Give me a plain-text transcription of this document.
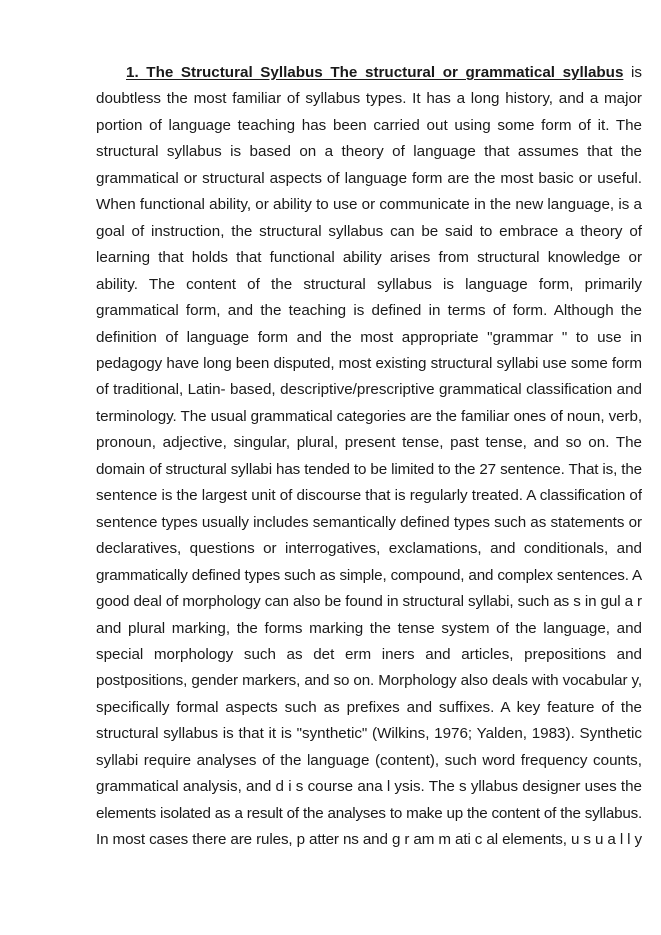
1. The Structural Syllabus The structural or grammatical syllabus is
doubtless the most familiar of syllabus types. It has a long history, and a major
portion of language teaching has been carried out using some form of it. The
structural syllabus is based on a theory of language that assumes that the
grammatical or structural aspects of language form are the most basic or useful.
When functional ability, or ability to use or communicate in the new language, is a
goal of instruction, the structural syllabus can be said to embrace a theory of
learning that holds that functional ability arises from structural knowledge or
ability. The content of the structural syllabus is language form, primarily
grammatical form, and the teaching is defined in terms of form. Although the
definition of language form and the most appropriate "grammar " to use in
pedagogy have long been disputed, most existing structural syllabi use some form
of traditional, Latin- based, descriptive/prescriptive grammatical classification and
terminology. The usual grammatical categories are the familiar ones of noun, verb,
pronoun, adjective, singular, plural, present tense, past tense, and so on. The
domain of structural syllabi has tended to be limited to the 27 sentence. That is, the
sentence is the largest unit of discourse that is regularly treated. A classification of
sentence types usually includes semantically defined types such as statements or
declaratives, questions or interrogatives, exclamations, and conditionals, and
grammatically defined types such as simple, compound, and complex sentences. A
good deal of morphology can also be found in structural syllabi, such as s in gul a r
and plural marking, the forms marking the tense system of the language, and
special morphology such as det erm iners and articles, prepositions and
postpositions, gender markers, and so on. Morphology also deals with vocabular y,
specifically formal aspects such as prefixes and suffixes. A key feature of the
structural syllabus is that it is "synthetic" (Wilkins, 1976; Yalden, 1983). Synthetic
syllabi require analyses of the language (content), such word frequency counts,
grammatical analysis, and d i s course ana l ysis. The s yllabus designer uses the
elements isolated as a result of the analyses to make up the content of the syllabus.
In most cases there are rules, p atter ns and g r am m ati c al elements, u s u a l l y
